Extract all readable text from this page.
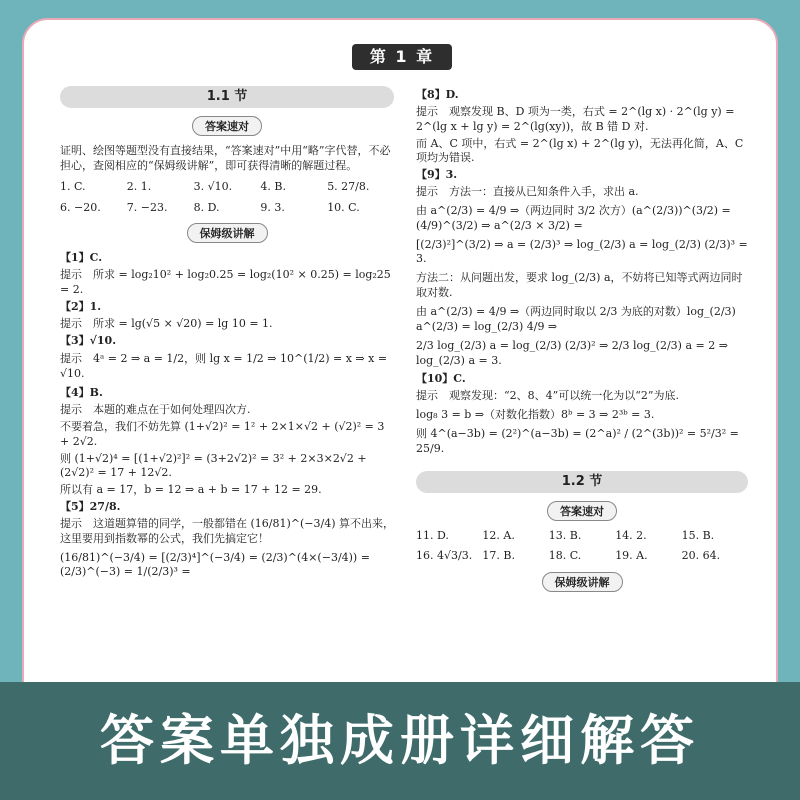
第 1 章
1.1 节
答案速对
证明、绘图等题型没有直接结果，“答案速对”中用“略”字代替，不必担心，查阅相应的“保姆级讲解”，即可获得清晰的解题过程。
1. C.	2. 1.	3. √10.	4. B.	5. 27/8.
6. −20.	7. −23.	8. D.	9. 3.	10. C.
保姆级讲解
【1】C.
提示　所求 = log₂10² + log₂0.25 = log₂(10² × 0.25) = log₂25 = 2.
【2】1.
提示　所求 = lg(√5 × √20) = lg 10 = 1.
【3】√10.
提示　4ᵃ = 2 ⇒ a = 1/2，则 lg x = 1/2 ⇒ 10^(1/2) = x ⇒ x = √10.
【4】B.
提示　本题的难点在于如何处理四次方.
不要着急，我们不妨先算 (1+√2)² = 1² + 2×1×√2 + (√2)² = 3 + 2√2.
则 (1+√2)⁴ = [(1+√2)²]² = (3+2√2)² = 3² + 2×3×2√2 + (2√2)² = 17 + 12√2.
所以有 a = 17，b = 12 ⇒ a + b = 17 + 12 = 29.
【5】27/8.
提示　这道题算错的同学，一般都错在 (16/81)^(−3/4) 算不出来，这里要用到指数幂的公式，我们先搞定它！
(16/81)^(−3/4) = [(2/3)⁴]^(−3/4) = (2/3)^(4×(−3/4)) = (2/3)^(−3) = 1/(2/3)³ =
【8】D.
提示　观察发现 B、D 项为一类，右式 = 2^(lg x) · 2^(lg y) = 2^(lg x + lg y) = 2^(lg(xy))，故 B 错 D 对.
而 A、C 项中，右式 = 2^(lg x) + 2^(lg y)，无法再化简，A、C 项均为错误.
【9】3.
提示　方法一：直接从已知条件入手，求出 a.
由 a^(2/3) = 4/9 ⇒（两边同时 3/2 次方）(a^(2/3))^(3/2) = (4/9)^(3/2) ⇒ a^(2/3 × 3/2) =
[(2/3)²]^(3/2) ⇒ a = (2/3)³ ⇒ log_(2/3) a = log_(2/3) (2/3)³ = 3.
方法二：从问题出发，要求 log_(2/3) a，不妨将已知等式两边同时取对数.
由 a^(2/3) = 4/9 ⇒（两边同时取以 2/3 为底的对数）log_(2/3) a^(2/3) = log_(2/3) 4/9 ⇒
2/3 log_(2/3) a = log_(2/3) (2/3)² ⇒ 2/3 log_(2/3) a = 2 ⇒ log_(2/3) a = 3.
【10】C.
提示　观察发现：“2、8、4”可以统一化为以“2”为底.
log₈ 3 = b ⇒（对数化指数）8ᵇ = 3 ⇒ 2³ᵇ = 3.
则 4^(a−3b) = (2²)^(a−3b) = (2^a)² / (2^(3b))² = 5²/3² = 25/9.
1.2 节
答案速对
11. D.	12. A.	13. B.	14. 2.	15. B.
16. 4√3/3. 17. B.	18. C.	19. A.	20. 64.
保姆级讲解
答案单独成册详细解答
